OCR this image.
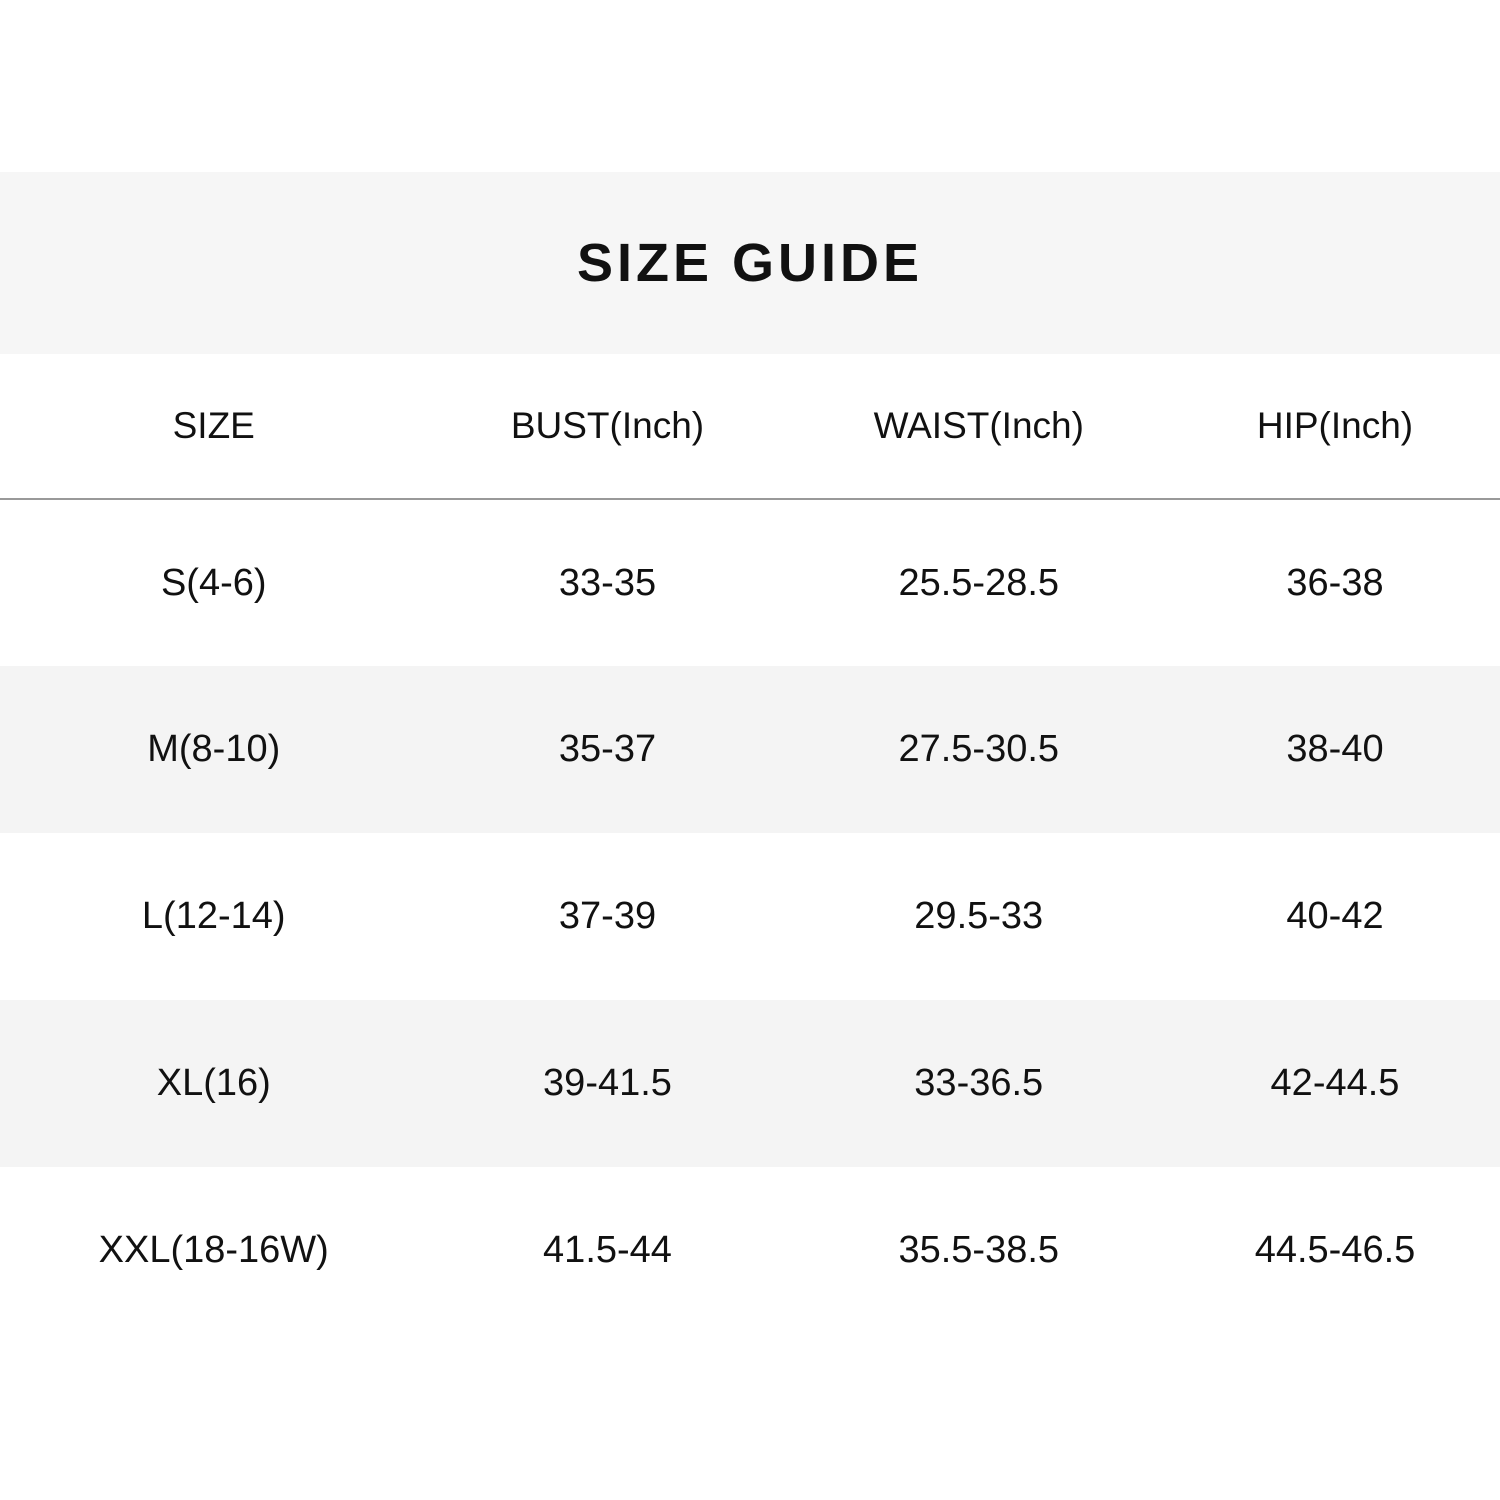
SIZE GUIDE
SIZE	BUST(Inch)	WAIST(Inch)	HIP(Inch)
S(4-6)	33-35	25.5-28.5	36-38
M(8-10)	35-37	27.5-30.5	38-40
L(12-14)	37-39	29.5-33	40-42
XL(16)	39-41.5	33-36.5	42-44.5
XXL(18-16W)	41.5-44	35.5-38.5	44.5-46.5
